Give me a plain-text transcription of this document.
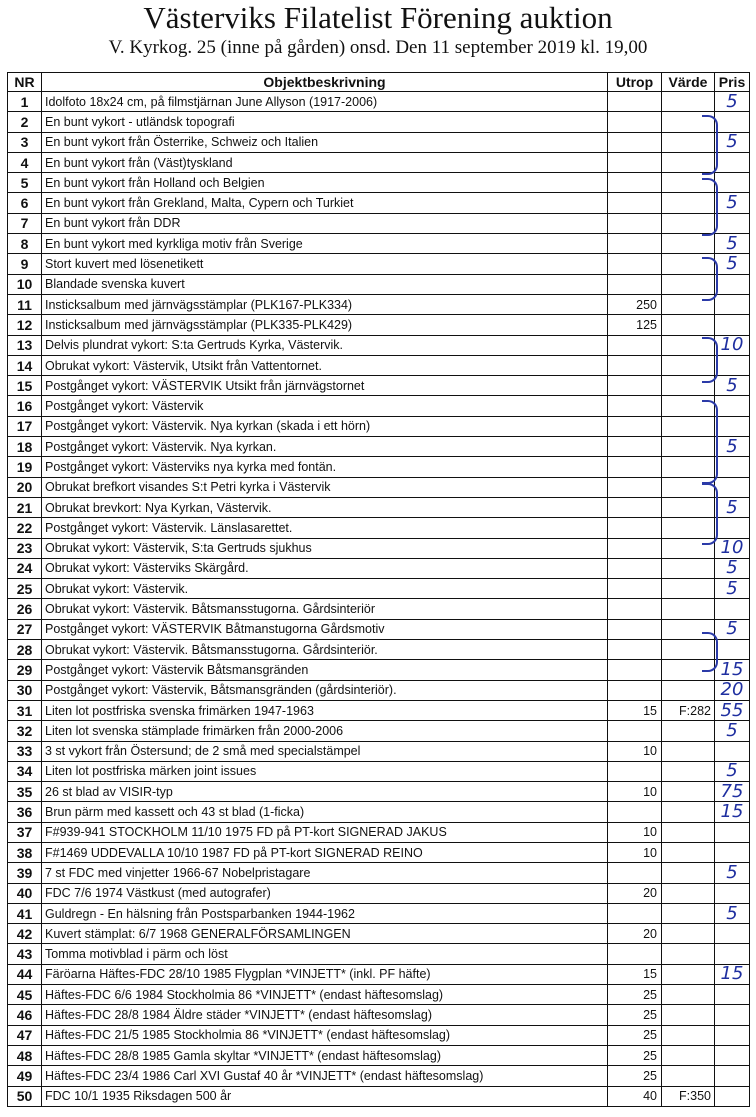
Västerviks Filatelist Förening auktion
V. Kyrkog. 25 (inne på gården) onsd. Den 11 september 2019 kl. 19,00
NR	Objektbeskrivning	Utrop	Värde	Pris
1	Idolfoto 18x24 cm, på filmstjärnan June Allyson (1917-2006)			5
2	En bunt vykort - utländsk topografi			
3	En bunt vykort från Österrike, Schweiz och Italien			5
4	En bunt vykort från (Väst)tyskland			
5	En bunt vykort från Holland och Belgien			
6	En bunt vykort från Grekland, Malta, Cypern och Turkiet			5
7	En bunt vykort från DDR			
8	En bunt vykort med kyrkliga motiv från Sverige			5
9	Stort kuvert med lösenetikett			5
10	Blandade svenska kuvert			
11	Insticksalbum med järnvägsstämplar (PLK167-PLK334)	250		
12	Insticksalbum med järnvägsstämplar (PLK335-PLK429)	125		
13	Delvis plundrat vykort: S:ta Gertruds Kyrka, Västervik.			10
14	Obrukat vykort: Västervik, Utsikt från Vattentornet.			
15	Postgånget vykort: VÄSTERVIK Utsikt från järnvägstornet			5
16	Postgånget vykort: Västervik			
17	Postgånget vykort: Västervik. Nya kyrkan (skada i ett hörn)			
18	Postgånget vykort: Västervik. Nya kyrkan.			5
19	Postgånget vykort: Västerviks nya kyrka med fontän.			
20	Obrukat brefkort visandes S:t Petri kyrka i Västervik			
21	Obrukat brevkort: Nya Kyrkan, Västervik.			5
22	Postgånget vykort: Västervik. Länslasarettet.			
23	Obrukat vykort: Västervik, S:ta Gertruds sjukhus			10
24	Obrukat vykort: Västerviks Skärgård.			5
25	Obrukat vykort: Västervik.			5
26	Obrukat vykort: Västervik. Båtsmansstugorna. Gårdsinteriör			
27	Postgånget vykort: VÄSTERVIK Båtmanstugorna Gårdsmotiv			5
28	Obrukat vykort: Västervik. Båtsmansstugorna. Gårdsinteriör.			
29	Postgånget vykort: Västervik Båtsmansgränden			15
30	Postgånget vykort: Västervik, Båtsmansgränden (gårdsinteriör).			20
31	Liten lot postfriska svenska frimärken 1947-1963	15	F:282	55
32	Liten lot svenska stämplade frimärken från 2000-2006			5
33	3 st vykort från Östersund; de 2 små med specialstämpel	10		
34	Liten lot postfriska märken joint issues			5
35	26 st blad av VISIR-typ	10		75
36	Brun pärm med kassett och 43 st blad (1-ficka)			15
37	F#939-941 STOCKHOLM 11/10 1975 FD på PT-kort SIGNERAD JAKUS	10		
38	F#1469 UDDEVALLA 10/10 1987 FD på PT-kort SIGNERAD REINO	10		
39	7 st FDC med vinjetter 1966-67 Nobelpristagare			5
40	FDC 7/6 1974 Västkust (med autografer)	20		
41	Guldregn - En hälsning från Postsparbanken 1944-1962			5
42	Kuvert stämplat: 6/7 1968 GENERALFÖRSAMLINGEN	20		
43	Tomma motivblad i pärm och löst			
44	Färöarna Häftes-FDC 28/10 1985 Flygplan *VINJETT* (inkl. PF häfte)	15		15
45	Häftes-FDC 6/6 1984 Stockholmia 86 *VINJETT* (endast häftesomslag)	25		
46	Häftes-FDC 28/8 1984 Äldre städer *VINJETT* (endast häftesomslag)	25		
47	Häftes-FDC 21/5 1985 Stockholmia 86 *VINJETT* (endast häftesomslag)	25		
48	Häftes-FDC 28/8 1985 Gamla skyltar *VINJETT* (endast häftesomslag)	25		
49	Häftes-FDC 23/4 1986 Carl XVI Gustaf 40 år *VINJETT* (endast häftesomslag)	25		
50	FDC 10/1 1935 Riksdagen 500 år	40	F:350	
